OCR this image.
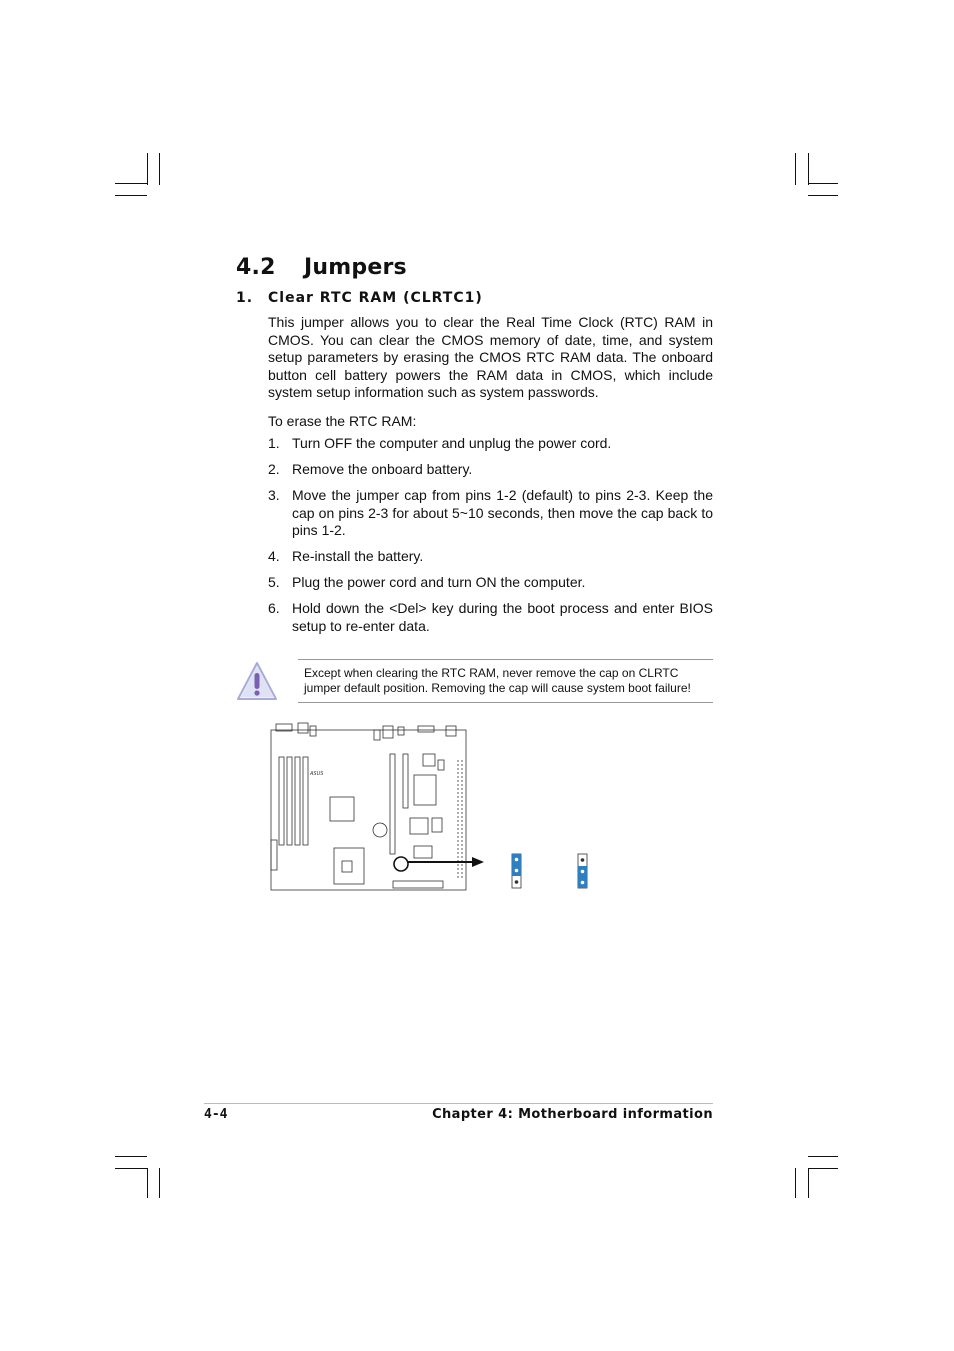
4.2 Jumpers
1. Clear RTC RAM (CLRTC1)
This jumper allows you to clear the Real Time Clock (RTC) RAM in CMOS. You can clear the CMOS memory of date, time, and system setup parameters by erasing the CMOS RTC RAM data. The onboard button cell battery powers the RAM data in CMOS, which include system setup information such as system passwords.
To erase the RTC RAM:
1. Turn OFF the computer and unplug the power cord.
2. Remove the onboard battery.
3. Move the jumper cap from pins 1-2 (default) to pins 2-3. Keep the cap on pins 2-3 for about 5~10 seconds, then move the cap back to pins 1-2.
4. Re-install the battery.
5. Plug the power cord and turn ON the computer.
6. Hold down the <Del> key during the boot process and enter BIOS setup to re-enter data.
Except when clearing the RTC RAM, never remove the cap on CLRTC
jumper default position. Removing the cap will cause system boot failure!
ASUS
4-4	Chapter 4: Motherboard information
